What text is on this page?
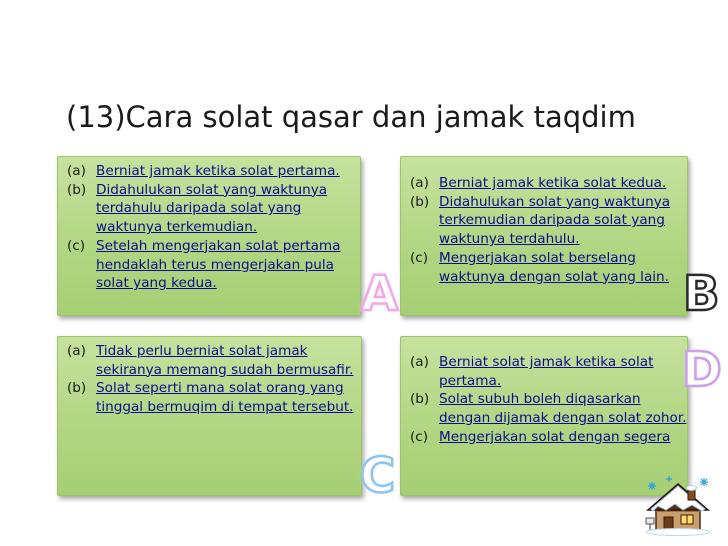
(13)Cara solat qasar dan jamak taqdim
(a) Berniat jamak ketika solat pertama.
(b) Didahulukan solat yang waktunya terdahulu daripada solat yang waktunya terkemudian.
(c) Setelah mengerjakan solat pertama hendaklah terus mengerjakan pula solat yang kedua.
(a) Berniat jamak ketika solat kedua.
(b) Didahulukan solat yang waktunya terkemudian daripada solat yang waktunya terdahulu.
(c) Mengerjakan solat berselang waktunya dengan solat yang lain.
(a) Tidak perlu berniat solat jamak sekiranya memang sudah bermusafir.
(b) Solat seperti mana solat orang yang tinggal bermuqim di tempat tersebut.
(a) Berniat solat jamak ketika solat pertama.
(b) Solat subuh boleh diqasarkan dengan dijamak dengan solat zohor.
(c) Mengerjakan solat dengan segera
A	B
C
D
